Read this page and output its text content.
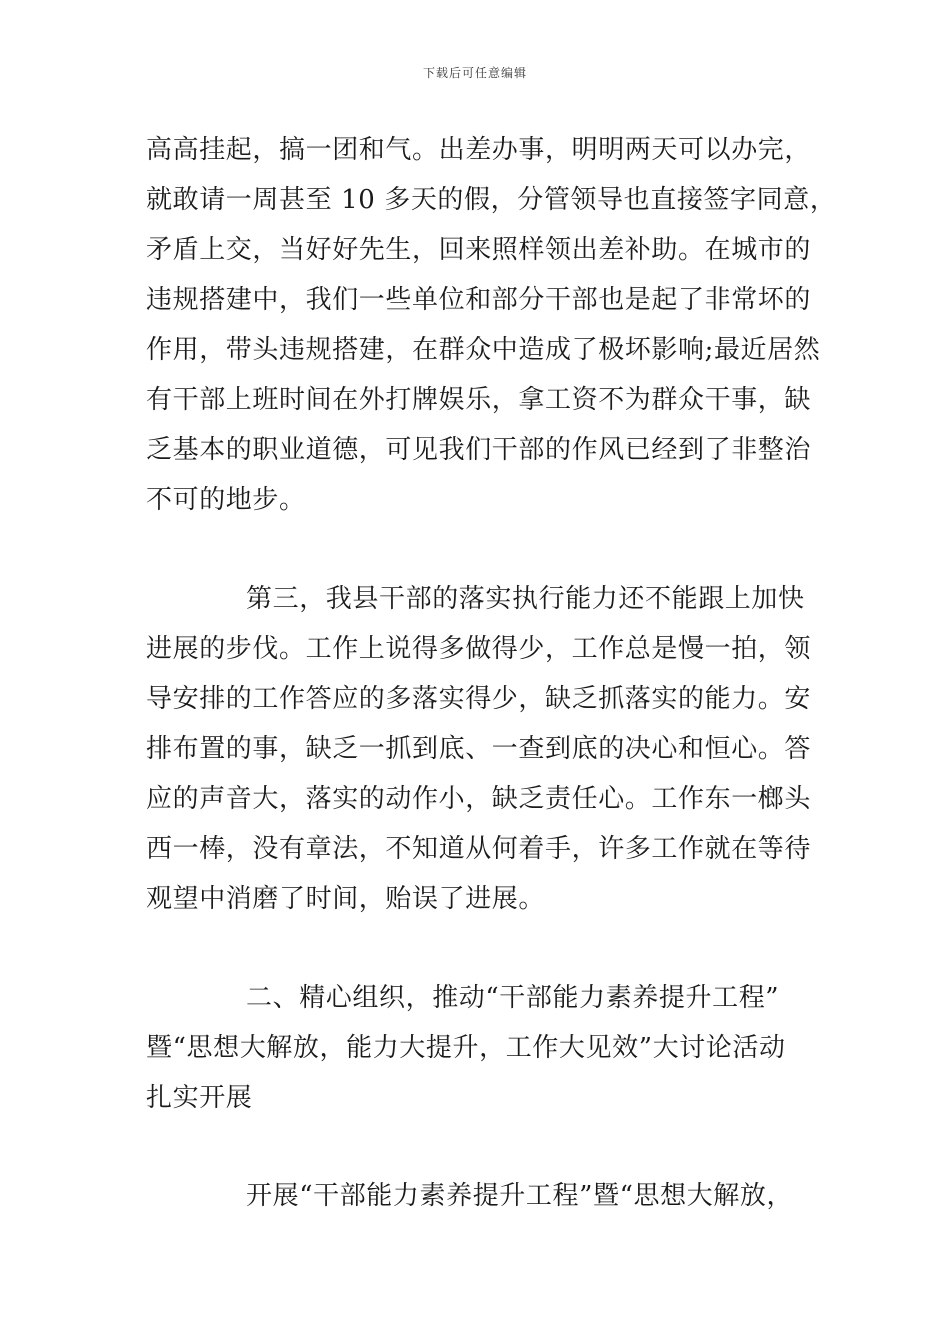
下载后可任意编辑
高高挂起，搞一团和气。出差办事，明明两天可以办完，
就敢请一周甚至 10 多天的假，分管领导也直接签字同意，
矛盾上交，当好好先生，回来照样领出差补助。在城市的
违规搭建中，我们一些单位和部分干部也是起了非常坏的
作用，带头违规搭建，在群众中造成了极坏影响;最近居然
有干部上班时间在外打牌娱乐，拿工资不为群众干事，缺
乏基本的职业道德，可见我们干部的作风已经到了非整治
不可的地步。
第三，我县干部的落实执行能力还不能跟上加快
进展的步伐。工作上说得多做得少，工作总是慢一拍，领
导安排的工作答应的多落实得少，缺乏抓落实的能力。安
排布置的事，缺乏一抓到底、一查到底的决心和恒心。答
应的声音大，落实的动作小，缺乏责任心。工作东一榔头
西一棒，没有章法，不知道从何着手，许多工作就在等待
观望中消磨了时间，贻误了进展。
二、精心组织，推动“干部能力素养提升工程”
暨“思想大解放，能力大提升，工作大见效”大讨论活动
扎实开展
开展“干部能力素养提升工程”暨“思想大解放，
